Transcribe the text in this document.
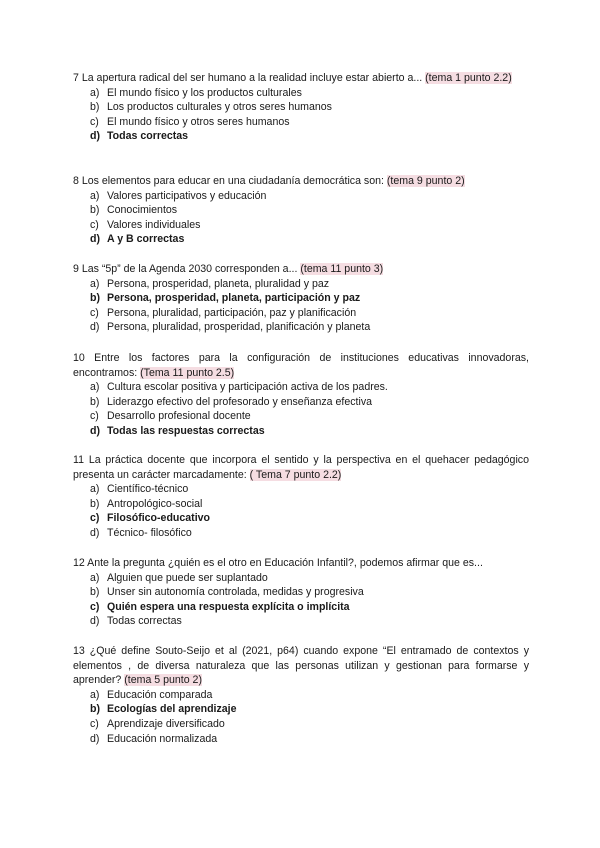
7 La apertura radical del ser humano a la realidad incluye estar abierto a... (tema 1 punto 2.2)
a) El mundo físico y los productos culturales
b) Los productos culturales y otros seres humanos
c) El mundo físico y otros seres humanos
d) Todas correctas
8 Los elementos para educar en una ciudadanía democrática son: (tema 9 punto 2)
a) Valores participativos y educación
b) Conocimientos
c) Valores individuales
d) A y B correctas
9 Las “5p” de la Agenda 2030 corresponden a... (tema 11 punto 3)
a) Persona, prosperidad, planeta, pluralidad y paz
b) Persona, prosperidad, planeta, participación y paz
c) Persona, pluralidad, participación, paz y planificación
d) Persona, pluralidad, prosperidad, planificación y planeta
10 Entre los factores para la configuración de instituciones educativas innovadoras, encontramos: (Tema 11 punto 2.5)
a) Cultura escolar positiva y participación activa de los padres.
b) Liderazgo efectivo del profesorado y enseñanza efectiva
c) Desarrollo profesional docente
d) Todas las respuestas correctas
11 La práctica docente que incorpora el sentido y la perspectiva en el quehacer pedagógico presenta un carácter marcadamente: ( Tema 7 punto 2.2)
a) Científico-técnico
b) Antropológico-social
c) Filosófico-educativo
d) Técnico- filosófico
12 Ante la pregunta ¿quién es el otro en Educación Infantil?, podemos afirmar que es...
a) Alguien que puede ser suplantado
b) Unser sin autonomía controlada, medidas y progresiva
c) Quién espera una respuesta explícita o implícita
d) Todas correctas
13 ¿Qué define Souto-Seijo et al (2021, p64) cuando expone “El entramado de contextos y elementos , de diversa naturaleza que las personas utilizan y gestionan para formarse y aprender? (tema 5 punto 2)
a) Educación comparada
b) Ecologías del aprendizaje
c) Aprendizaje diversificado
d) Educación normalizada
